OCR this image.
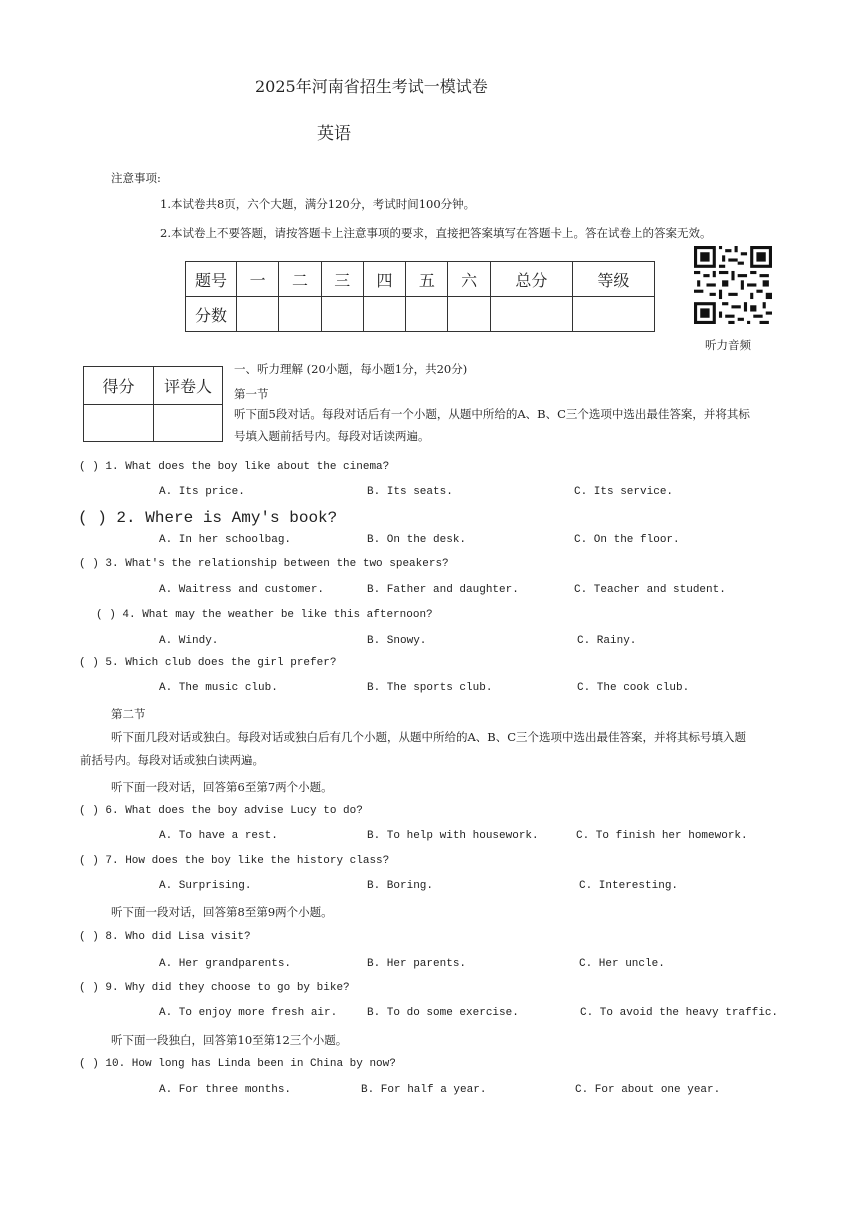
2025年河南省招生考试一模试卷
英语
注意事项:
1.本试卷共8页，六个大题，满分120分，考试时间100分钟。
2.本试卷上不要答题，请按答题卡上注意事项的要求，直接把答案填写在答题卡上。答在试卷上的答案无效。
题号	一	二	三	四	五	六	总分	等级
分数								
听力音频
得分	评卷人

一、听力理解 (20小题，每小题1分，共20分)
第一节
听下面5段对话。每段对话后有一个小题，从题中所给的A、B、C三个选项中选出最佳答案，并将其标
号填入题前括号内。每段对话读两遍。
( ) 1. What does the boy like about the cinema?
A. Its price.	B. Its seats.	C. Its service.
( ) 2. Where is Amy's book?
A. In her schoolbag.	B. On the desk.	C. On the floor.
( ) 3. What's the relationship between the two speakers?
A. Waitress and customer.	B. Father and daughter.	C. Teacher and student.
( ) 4. What may the weather be like this afternoon?
A. Windy.	B. Snowy.	C. Rainy.
( ) 5. Which club does the girl prefer?
A. The music club.	B. The sports club.	C. The cook club.
第二节
听下面几段对话或独白。每段对话或独白后有几个小题，从题中所给的A、B、C三个选项中选出最佳答案，并将其标号填入题
前括号内。每段对话或独白读两遍。
听下面一段对话，回答第6至第7两个小题。
( ) 6. What does the boy advise Lucy to do?
A. To have a rest.	B. To help with housework.	C. To finish her homework.
( ) 7. How does the boy like the history class?
A. Surprising.	B. Boring.	C. Interesting.
听下面一段对话，回答第8至第9两个小题。
( ) 8. Who did Lisa visit?
A. Her grandparents.	B. Her parents.	C. Her uncle.
( ) 9. Why did they choose to go by bike?
A. To enjoy more fresh air.	B. To do some exercise.	C. To avoid the heavy traffic.
听下面一段独白，回答第10至第12三个小题。
( ) 10. How long has Linda been in China by now?
A. For three months.	B. For half a year.	C. For about one year.
